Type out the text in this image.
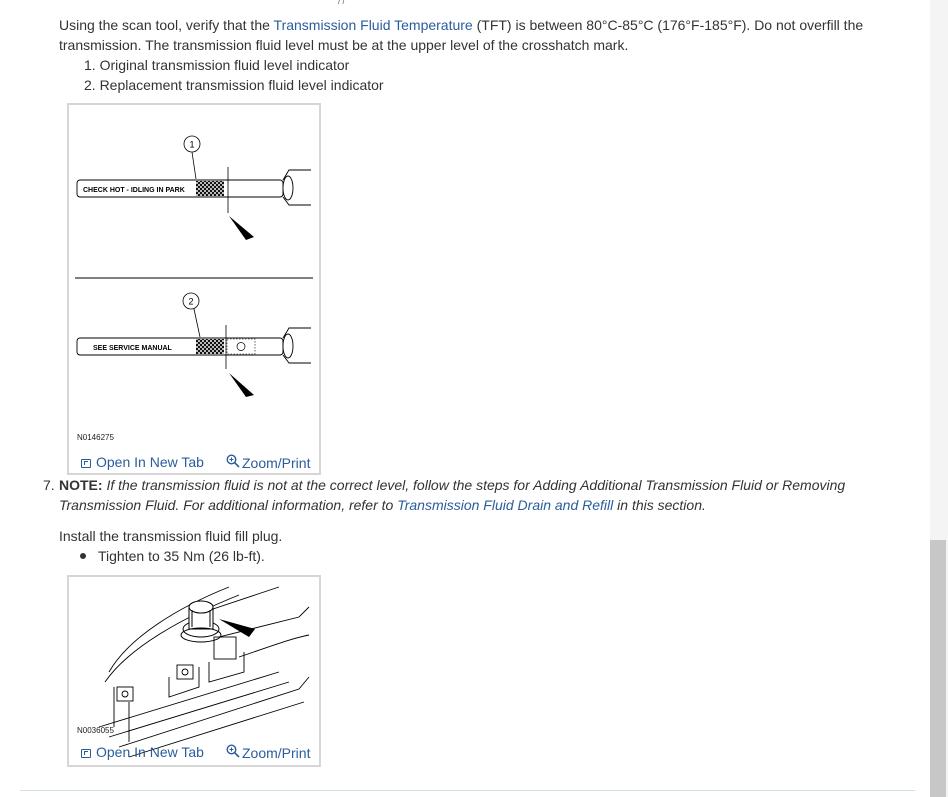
/ /

Using the scan tool, verify that the Transmission Fluid Temperature (TFT) is between 80°C-85°C (176°F-185°F). Do not overfill the transmission. The transmission fluid level must be at the upper level of the crosshatch mark.

1. Original transmission fluid level indicator
2. Replacement transmission fluid level indicator
1
CHECK HOT - IDLING IN PARK
2
SEE SERVICE MANUAL
N0146275
Open In New Tab	Zoom/Print
7. NOTE: If the transmission fluid is not at the correct level, follow the steps for Adding Additional Transmission Fluid or Removing Transmission Fluid. For additional information, refer to Transmission Fluid Drain and Refill in this section.
Install the transmission fluid fill plug.
Tighten to 35 Nm (26 lb-ft).
N0036055
Open In New Tab	Zoom/Print
